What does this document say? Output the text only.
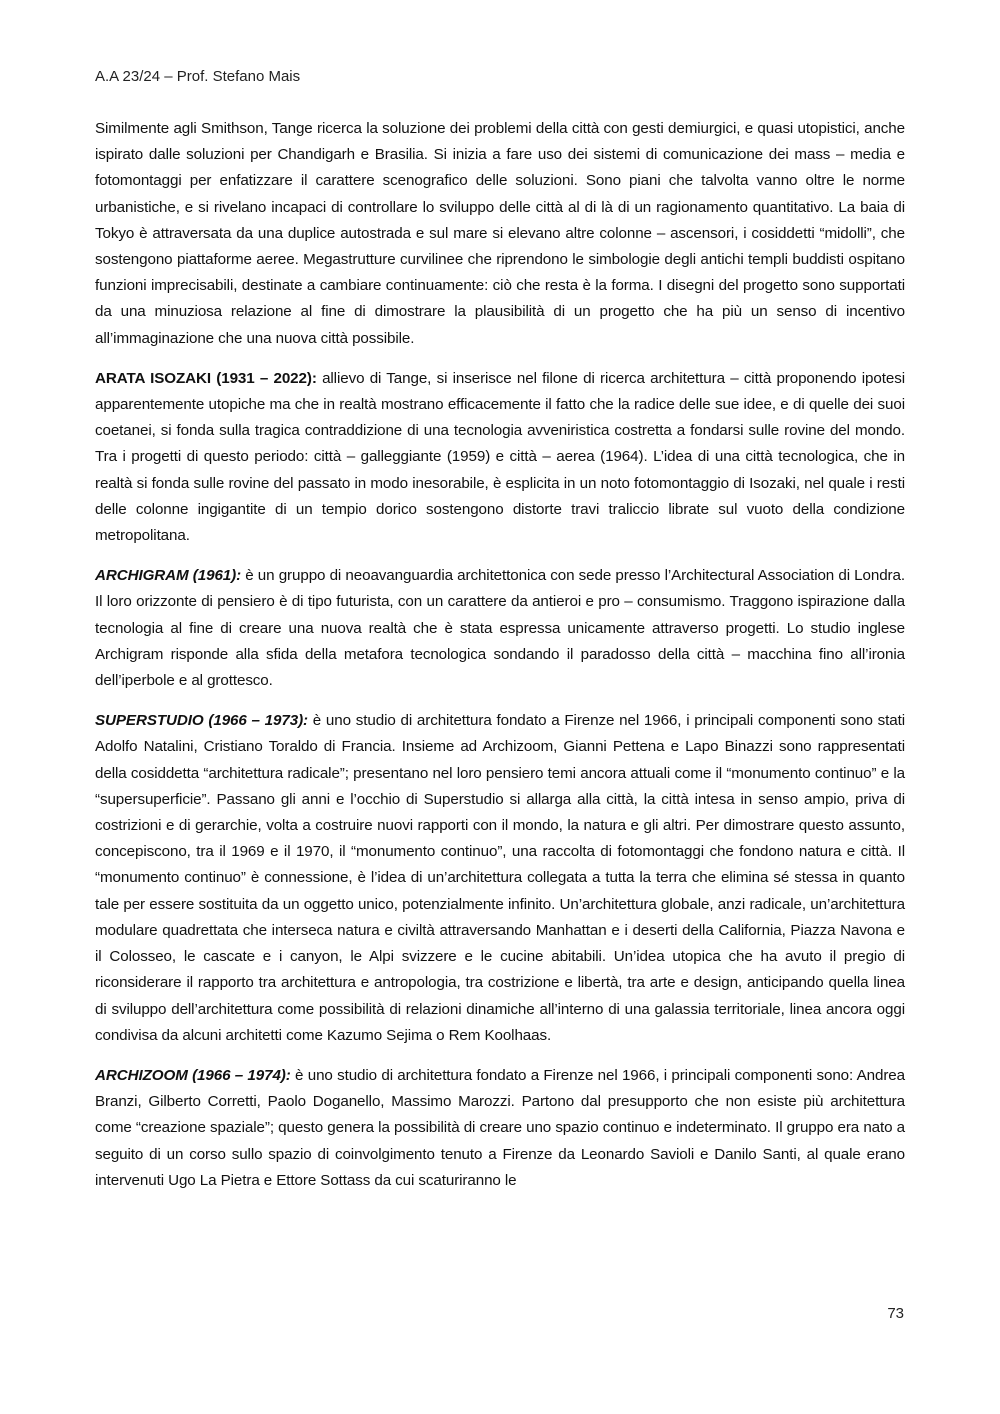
A.A 23/24 – Prof. Stefano Mais

Similmente agli Smithson, Tange ricerca la soluzione dei problemi della città con gesti demiurgici, e quasi utopistici, anche ispirato dalle soluzioni per Chandigarh e Brasilia. Si inizia a fare uso dei sistemi di comunicazione dei mass – media e fotomontaggi per enfatizzare il carattere scenografico delle soluzioni. Sono piani che talvolta vanno oltre le norme urbanistiche, e si rivelano incapaci di controllare lo sviluppo delle città al di là di un ragionamento quantitativo. La baia di Tokyo è attraversata da una duplice autostrada e sul mare si elevano altre colonne – ascensori, i cosiddetti “midolli”, che sostengono piattaforme aeree. Megastrutture curvilinee che riprendono le simbologie degli antichi templi buddisti ospitano funzioni imprecisabili, destinate a cambiare continuamente: ciò che resta è la forma. I disegni del progetto sono supportati da una minuziosa relazione al fine di dimostrare la plausibilità di un progetto che ha più un senso di incentivo all’immaginazione che una nuova città possibile.

ARATA ISOZAKI (1931 – 2022): allievo di Tange, si inserisce nel filone di ricerca architettura – città proponendo ipotesi apparentemente utopiche ma che in realtà mostrano efficacemente il fatto che la radice delle sue idee, e di quelle dei suoi coetanei, si fonda sulla tragica contraddizione di una tecnologia avveniristica costretta a fondarsi sulle rovine del mondo. Tra i progetti di questo periodo: città – galleggiante (1959) e città – aerea (1964). L’idea di una città tecnologica, che in realtà si fonda sulle rovine del passato in modo inesorabile, è esplicita in un noto fotomontaggio di Isozaki, nel quale i resti delle colonne ingigantite di un tempio dorico sostengono distorte travi traliccio librate sul vuoto della condizione metropolitana.

ARCHIGRAM (1961): è un gruppo di neoavanguardia architettonica con sede presso l’Architectural Association di Londra. Il loro orizzonte di pensiero è di tipo futurista, con un carattere da antieroi e pro – consumismo. Traggono ispirazione dalla tecnologia al fine di creare una nuova realtà che è stata espressa unicamente attraverso progetti. Lo studio inglese Archigram risponde alla sfida della metafora tecnologica sondando il paradosso della città – macchina fino all’ironia dell’iperbole e al grottesco.

SUPERSTUDIO (1966 – 1973): è uno studio di architettura fondato a Firenze nel 1966, i principali componenti sono stati Adolfo Natalini, Cristiano Toraldo di Francia. Insieme ad Archizoom, Gianni Pettena e Lapo Binazzi sono rappresentati della cosiddetta “architettura radicale”; presentano nel loro pensiero temi ancora attuali come il “monumento continuo” e la “supersuperficie”. Passano gli anni e l’occhio di Superstudio si allarga alla città, la città intesa in senso ampio, priva di costrizioni e di gerarchie, volta a costruire nuovi rapporti con il mondo, la natura e gli altri. Per dimostrare questo assunto, concepiscono, tra il 1969 e il 1970, il “monumento continuo”, una raccolta di fotomontaggi che fondono natura e città. Il “monumento continuo” è connessione, è l’idea di un’architettura collegata a tutta la terra che elimina sé stessa in quanto tale per essere sostituita da un oggetto unico, potenzialmente infinito. Un’architettura globale, anzi radicale, un’architettura modulare quadrettata che interseca natura e civiltà attraversando Manhattan e i deserti della California, Piazza Navona e il Colosseo, le cascate e i canyon, le Alpi svizzere e le cucine abitabili. Un’idea utopica che ha avuto il pregio di riconsiderare il rapporto tra architettura e antropologia, tra costrizione e libertà, tra arte e design, anticipando quella linea di sviluppo dell’architettura come possibilità di relazioni dinamiche all’interno di una galassia territoriale, linea ancora oggi condivisa da alcuni architetti come Kazumo Sejima o Rem Koolhaas.

ARCHIZOOM (1966 – 1974): è uno studio di architettura fondato a Firenze nel 1966, i principali componenti sono: Andrea Branzi, Gilberto Corretti, Paolo Doganello, Massimo Marozzi. Partono dal presupporto che non esiste più architettura come “creazione spaziale”; questo genera la possibilità di creare uno spazio continuo e indeterminato. Il gruppo era nato a seguito di un corso sullo spazio di coinvolgimento tenuto a Firenze da Leonardo Savioli e Danilo Santi, al quale erano intervenuti Ugo La Pietra e Ettore Sottass da cui scaturiranno le

73
